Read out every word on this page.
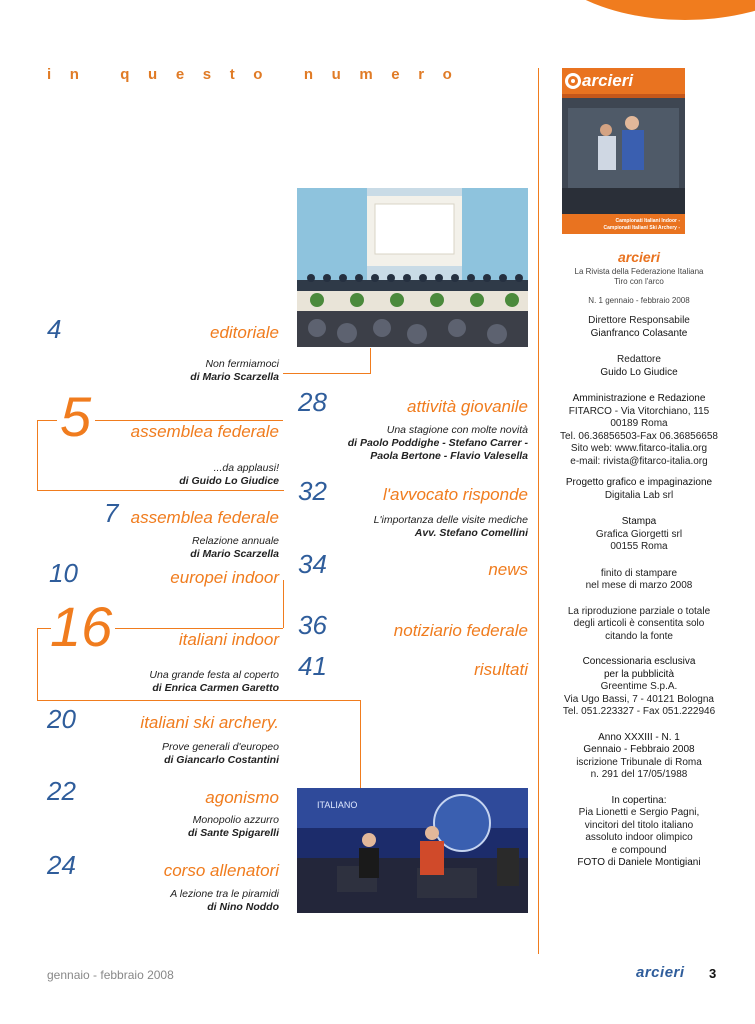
in questo numero
4	editoriale
Non fermiamoci
di Mario Scarzella
5 assemblea federale
...da applausi!
di Guido Lo Giudice
7 assemblea federale
Relazione annuale
di Mario Scarzella
10	europei indoor
16	italiani indoor
Una grande festa al coperto
di Enrica Carmen Garetto
20	italiani ski archery.
Prove generali d'europeo
di Giancarlo Costantini
22	agonismo
Monopolio azzurro
di Sante Spigarelli
24	corso allenatori
A lezione tra le piramidi
di Nino Noddo
28	attività giovanile
Una stagione con molte novità
di Paolo Poddighe - Stefano Carrer -
Paola Bertone - Flavio Valesella
32	l'avvocato risponde
L'importanza delle visite mediche
Avv. Stefano Comellini
34	news
36	notiziario federale
41	risultati
ITALIANO
arcieri
Campionati Italiani Indoor -
Campionati Italiani Ski Archery -
arcieri
La Rivista della Federazione Italiana
Tiro con l'arco
N. 1 gennaio - febbraio 2008
Direttore Responsabile
Gianfranco Colasante
Redattore
Guido Lo Giudice
Amministrazione e Redazione
FITARCO - Via Vitorchiano, 115
00189 Roma
Tel. 06.36856503-Fax 06.36856658
Sito web: www.fitarco-italia.org
e-mail: rivista@fitarco-italia.org
Progetto grafico e impaginazione
Digitalia Lab srl
Stampa
Grafica Giorgetti srl
00155 Roma
finito di stampare
nel mese di marzo 2008
La riproduzione parziale o totale
degli articoli è consentita solo
citando la fonte
Concessionaria esclusiva
per la pubblicità
Greentime S.p.A.
Via Ugo Bassi, 7 - 40121 Bologna
Tel. 051.223327 - Fax 051.222946
Anno XXXIII - N. 1
Gennaio - Febbraio 2008
iscrizione Tribunale di Roma
n. 291 del 17/05/1988
In copertina:
Pia Lionetti e Sergio Pagni,
vincitori del titolo italiano
assoluto indoor olimpico
e compound
FOTO di Daniele Montigiani
gennaio - febbraio 2008	arcieri 3
